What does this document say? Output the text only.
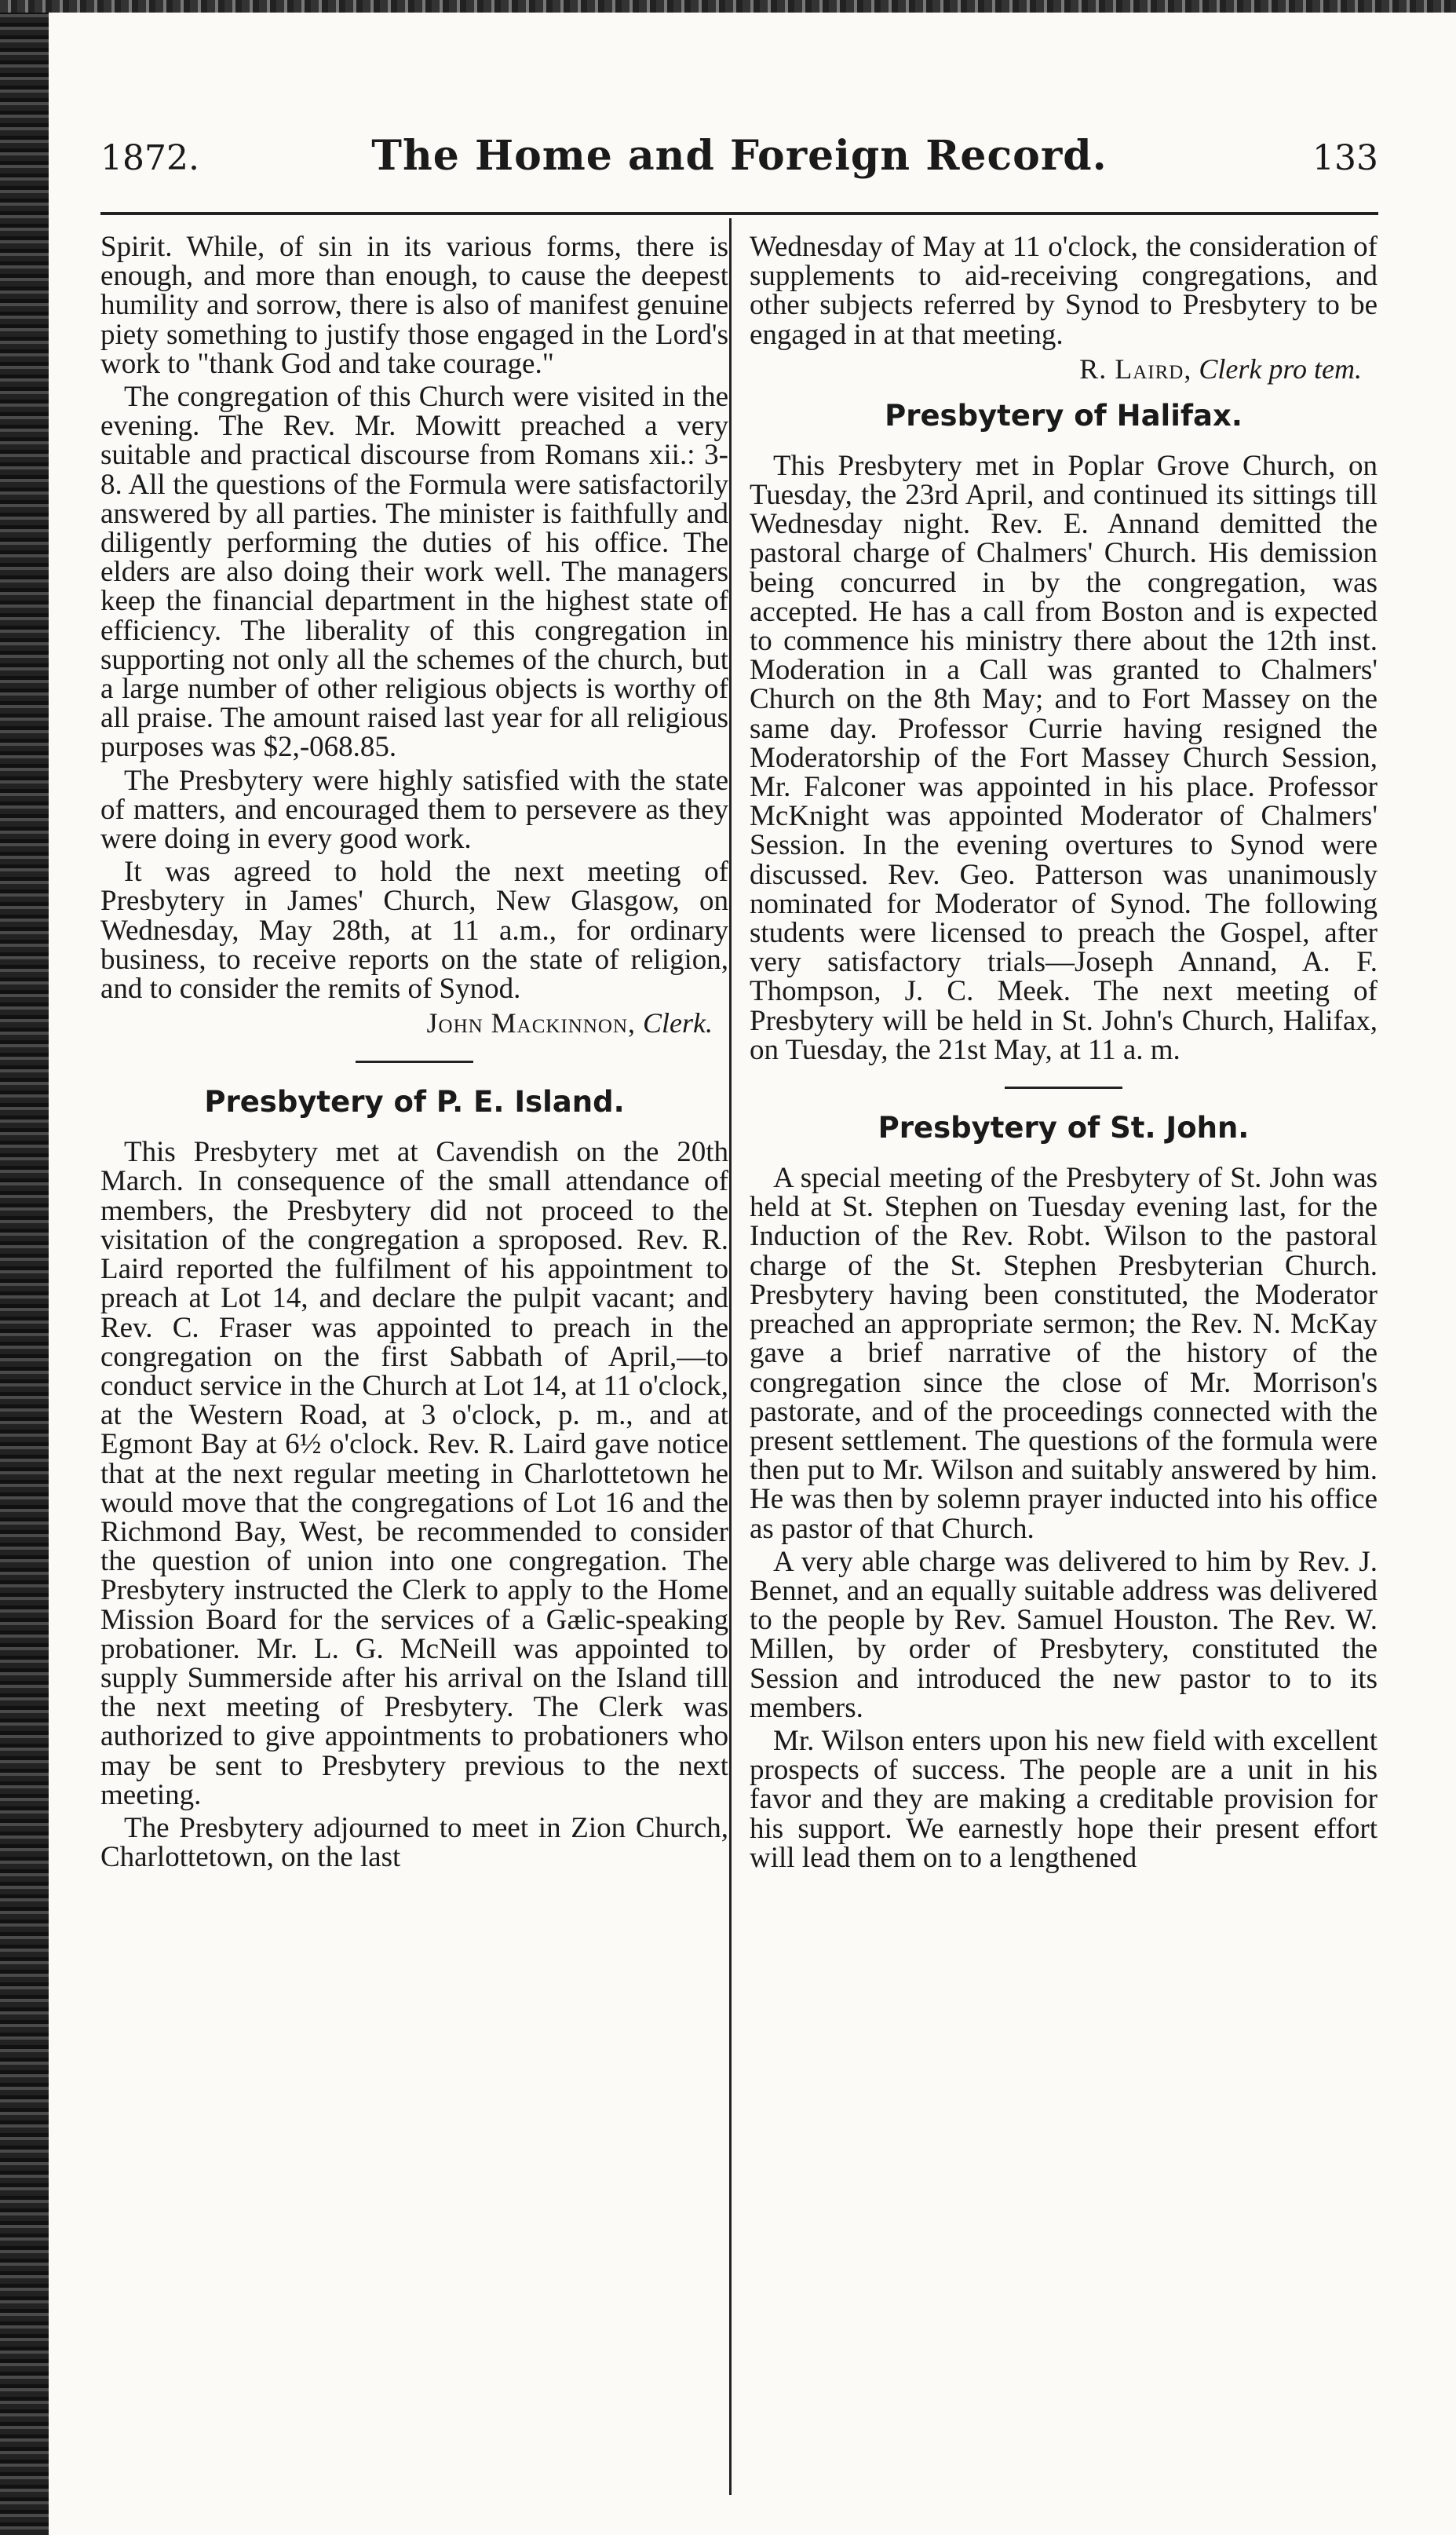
1872.	The Home and Foreign Record.	133

Spirit. While, of sin in its various forms, there is enough, and more than enough, to cause the deepest humility and sorrow, there is also of manifest genuine piety something to justify those engaged in the Lord's work to "thank God and take courage."

The congregation of this Church were visited in the evening. The Rev. Mr. Mowitt preached a very suitable and practical discourse from Romans xii.: 3-8. All the questions of the Formula were satisfactorily answered by all parties. The minister is faithfully and diligently performing the duties of his office. The elders are also doing their work well. The managers keep the financial department in the highest state of efficiency. The liberality of this congregation in supporting not only all the schemes of the church, but a large number of other religious objects is worthy of all praise. The amount raised last year for all religious purposes was $2,-068.85.

The Presbytery were highly satisfied with the state of matters, and encouraged them to persevere as they were doing in every good work.

It was agreed to hold the next meeting of Presbytery in James' Church, New Glasgow, on Wednesday, May 28th, at 11 a.m., for ordinary business, to receive reports on the state of religion, and to consider the remits of Synod.

John Mackinnon, Clerk.
Presbytery of P. E. Island.

This Presbytery met at Cavendish on the 20th March. In consequence of the small attendance of members, the Presbytery did not proceed to the visitation of the congregation a sproposed. Rev. R. Laird reported the fulfilment of his appointment to preach at Lot 14, and declare the pulpit vacant; and Rev. C. Fraser was appointed to preach in the congregation on the first Sabbath of April,—to conduct service in the Church at Lot 14, at 11 o'clock, at the Western Road, at 3 o'clock, p. m., and at Egmont Bay at 6½ o'clock. Rev. R. Laird gave notice that at the next regular meeting in Charlottetown he would move that the congregations of Lot 16 and the Richmond Bay, West, be recommended to consider the question of union into one congregation. The Presbytery instructed the Clerk to apply to the Home Mission Board for the services of a Gælic-speaking probationer. Mr. L. G. McNeill was appointed to supply Summerside after his arrival on the Island till the next meeting of Presbytery. The Clerk was authorized to give appointments to probationers who may be sent to Presbytery previous to the next meeting.

The Presbytery adjourned to meet in Zion Church, Charlottetown, on the last

Wednesday of May at 11 o'clock, the consideration of supplements to aid-receiving congregations, and other subjects referred by Synod to Presbytery to be engaged in at that meeting.

R. Laird, Clerk pro tem.
Presbytery of Halifax.

This Presbytery met in Poplar Grove Church, on Tuesday, the 23rd April, and continued its sittings till Wednesday night. Rev. E. Annand demitted the pastoral charge of Chalmers' Church. His demission being concurred in by the congregation, was accepted. He has a call from Boston and is expected to commence his ministry there about the 12th inst. Moderation in a Call was granted to Chalmers' Church on the 8th May; and to Fort Massey on the same day. Professor Currie having resigned the Moderatorship of the Fort Massey Church Session, Mr. Falconer was appointed in his place. Professor McKnight was appointed Moderator of Chalmers' Session. In the evening overtures to Synod were discussed. Rev. Geo. Patterson was unanimously nominated for Moderator of Synod. The following students were licensed to preach the Gospel, after very satisfactory trials—Joseph Annand, A. F. Thompson, J. C. Meek. The next meeting of Presbytery will be held in St. John's Church, Halifax, on Tuesday, the 21st May, at 11 a. m.

Presbytery of St. John.

A special meeting of the Presbytery of St. John was held at St. Stephen on Tuesday evening last, for the Induction of the Rev. Robt. Wilson to the pastoral charge of the St. Stephen Presbyterian Church. Presbytery having been constituted, the Moderator preached an appropriate sermon; the Rev. N. McKay gave a brief narrative of the history of the congregation since the close of Mr. Morrison's pastorate, and of the proceedings connected with the present settlement. The questions of the formula were then put to Mr. Wilson and suitably answered by him. He was then by solemn prayer inducted into his office as pastor of that Church.

A very able charge was delivered to him by Rev. J. Bennet, and an equally suitable address was delivered to the people by Rev. Samuel Houston. The Rev. W. Millen, by order of Presbytery, constituted the Session and introduced the new pastor to to its members.

Mr. Wilson enters upon his new field with excellent prospects of success. The people are a unit in his favor and they are making a creditable provision for his support. We earnestly hope their present effort will lead them on to a lengthened
